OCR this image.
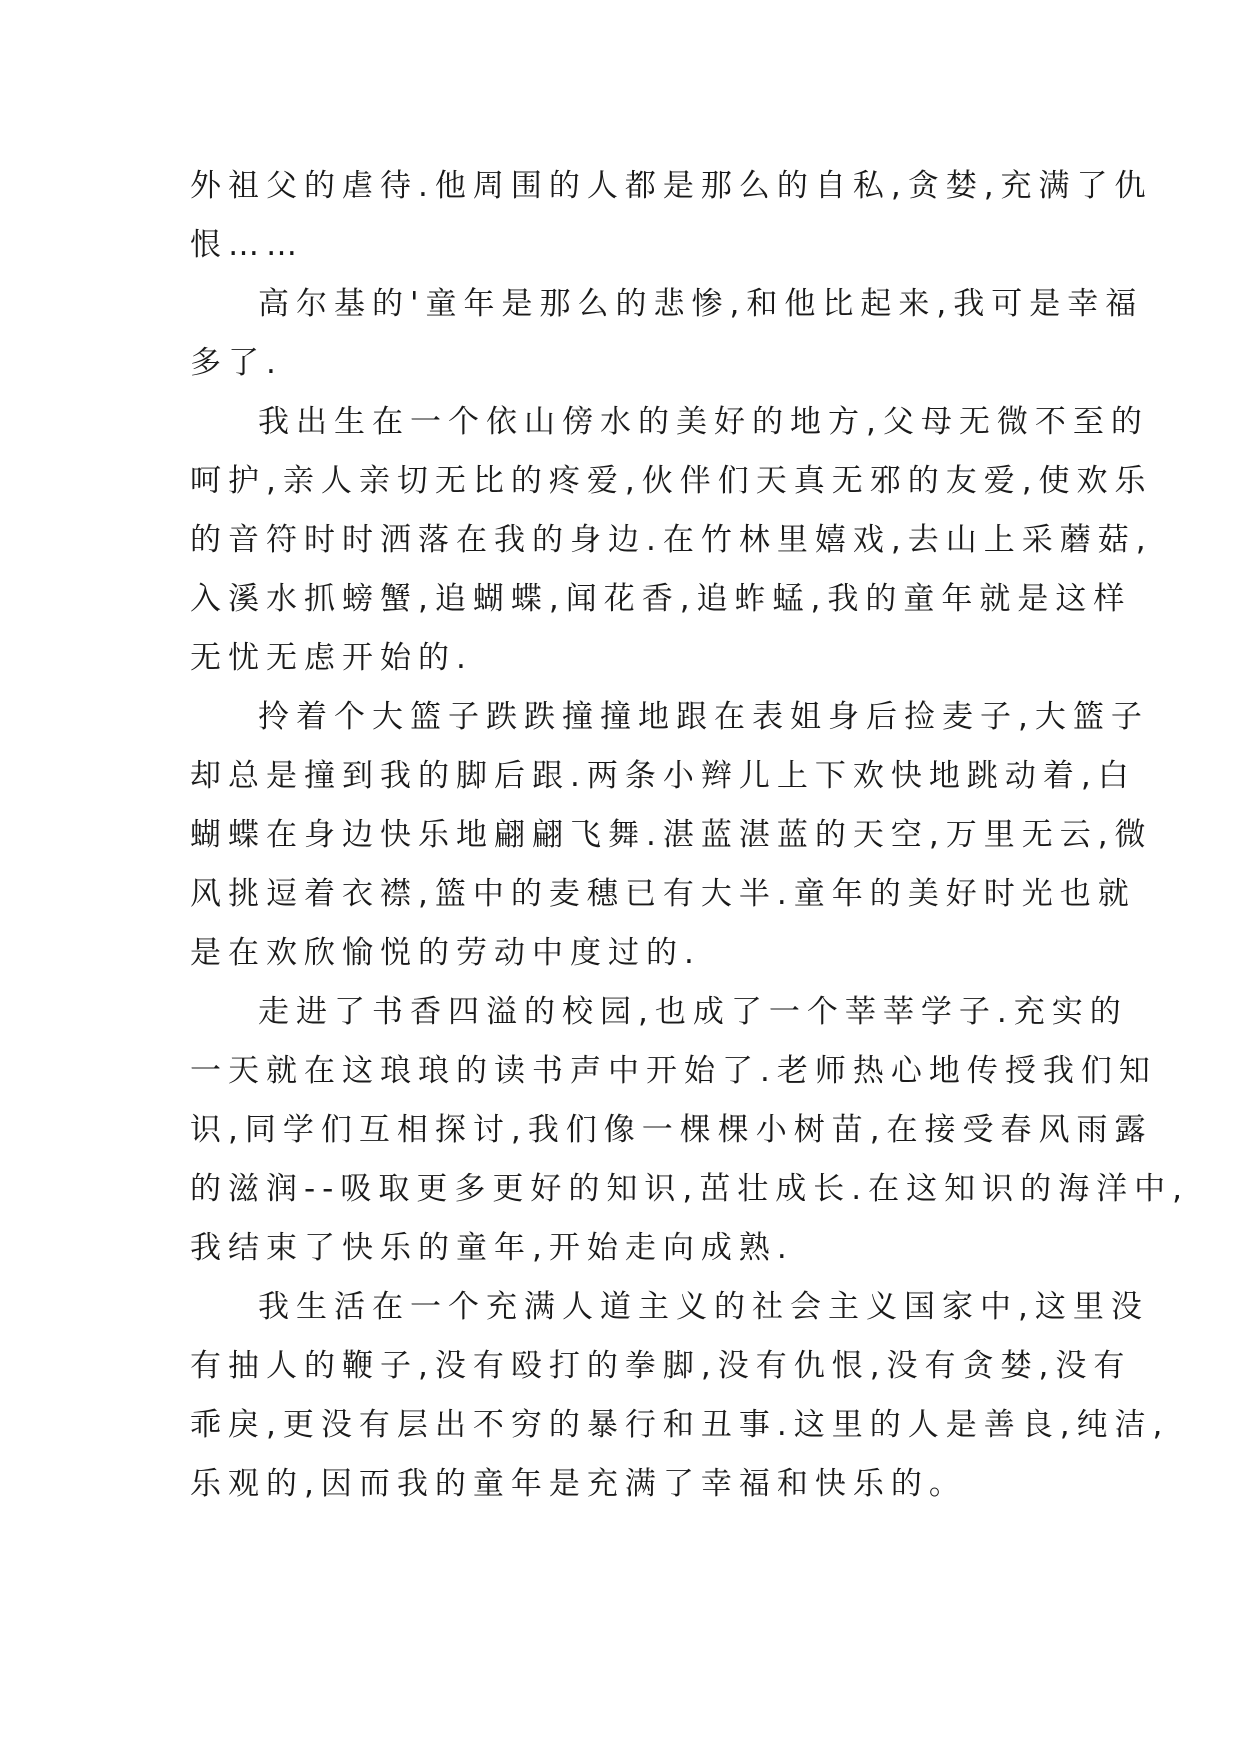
外祖父的虐待.他周围的人都是那么的自私,贪婪,充满了仇
恨……
高尔基的'童年是那么的悲惨,和他比起来,我可是幸福
多了.
我出生在一个依山傍水的美好的地方,父母无微不至的
呵护,亲人亲切无比的疼爱,伙伴们天真无邪的友爱,使欢乐
的音符时时洒落在我的身边.在竹林里嬉戏,去山上采蘑菇,
入溪水抓螃蟹,追蝴蝶,闻花香,追蚱蜢,我的童年就是这样
无忧无虑开始的.
拎着个大篮子跌跌撞撞地跟在表姐身后捡麦子,大篮子
却总是撞到我的脚后跟.两条小辫儿上下欢快地跳动着,白
蝴蝶在身边快乐地翩翩飞舞.湛蓝湛蓝的天空,万里无云,微
风挑逗着衣襟,篮中的麦穗已有大半.童年的美好时光也就
是在欢欣愉悦的劳动中度过的.
走进了书香四溢的校园,也成了一个莘莘学子.充实的
一天就在这琅琅的读书声中开始了.老师热心地传授我们知
识,同学们互相探讨,我们像一棵棵小树苗,在接受春风雨露
的滋润--吸取更多更好的知识,茁壮成长.在这知识的海洋中,
我结束了快乐的童年,开始走向成熟.
我生活在一个充满人道主义的社会主义国家中,这里没
有抽人的鞭子,没有殴打的拳脚,没有仇恨,没有贪婪,没有
乖戾,更没有层出不穷的暴行和丑事.这里的人是善良,纯洁,
乐观的,因而我的童年是充满了幸福和快乐的。
